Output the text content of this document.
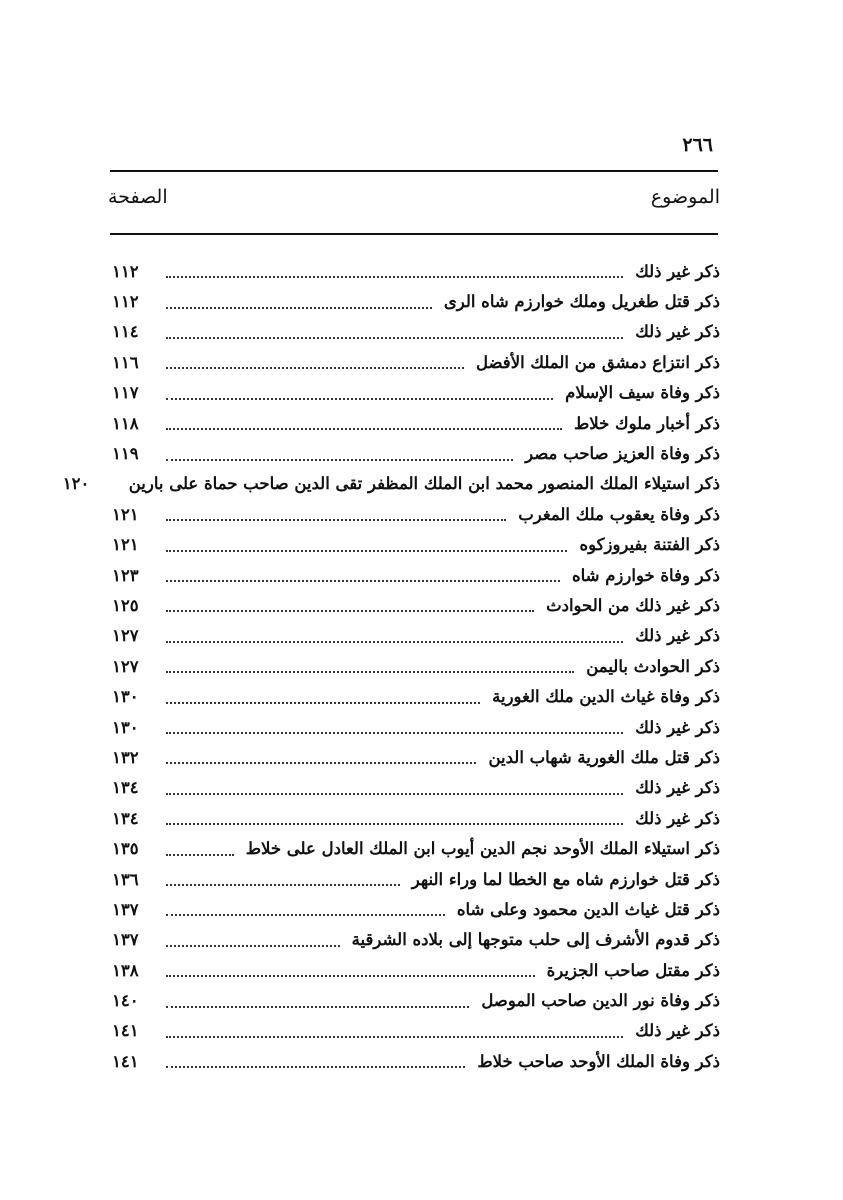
٢٦٦
الموضوع
الصفحة
ذكر غير ذلك
١١٢
ذكر قتل طغريل وملك خوارزم شاه الرى
١١٢
ذكر غير ذلك
١١٤
ذكر انتزاع دمشق من الملك الأفضل
١١٦
ذكر وفاة سيف الإسلام
١١٧
ذكر أخبار ملوك خلاط
١١٨
ذكر وفاة العزيز صاحب مصر
١١٩
ذكر استيلاء الملك المنصور محمد ابن الملك المظفر تقى الدين صاحب حماة على بارين
١٢٠
ذكر وفاة يعقوب ملك المغرب
١٢١
ذكر الفتنة بفيروزكوه
١٢١
ذكر وفاة خوارزم شاه
١٢٣
ذكر غير ذلك من الحوادث
١٢٥
ذكر غير ذلك
١٢٧
ذكر الحوادث باليمن
١٢٧
ذكر وفاة غياث الدين ملك الغورية
١٣٠
ذكر غير ذلك
١٣٠
ذكر قتل ملك الغورية شهاب الدين
١٣٢
ذكر غير ذلك
١٣٤
ذكر غير ذلك
١٣٤
ذكر استيلاء الملك الأوحد نجم الدين أيوب ابن الملك العادل على خلاط
١٣٥
ذكر قتل خوارزم شاه مع الخطا لما وراء النهر
١٣٦
ذكر قتل غياث الدين محمود وعلى شاه
١٣٧
ذكر قدوم الأشرف إلى حلب متوجها إلى بلاده الشرقية
١٣٧
ذكر مقتل صاحب الجزيرة
١٣٨
ذكر وفاة نور الدين صاحب الموصل
١٤٠
ذكر غير ذلك
١٤١
ذكر وفاة الملك الأوحد صاحب خلاط
١٤١
